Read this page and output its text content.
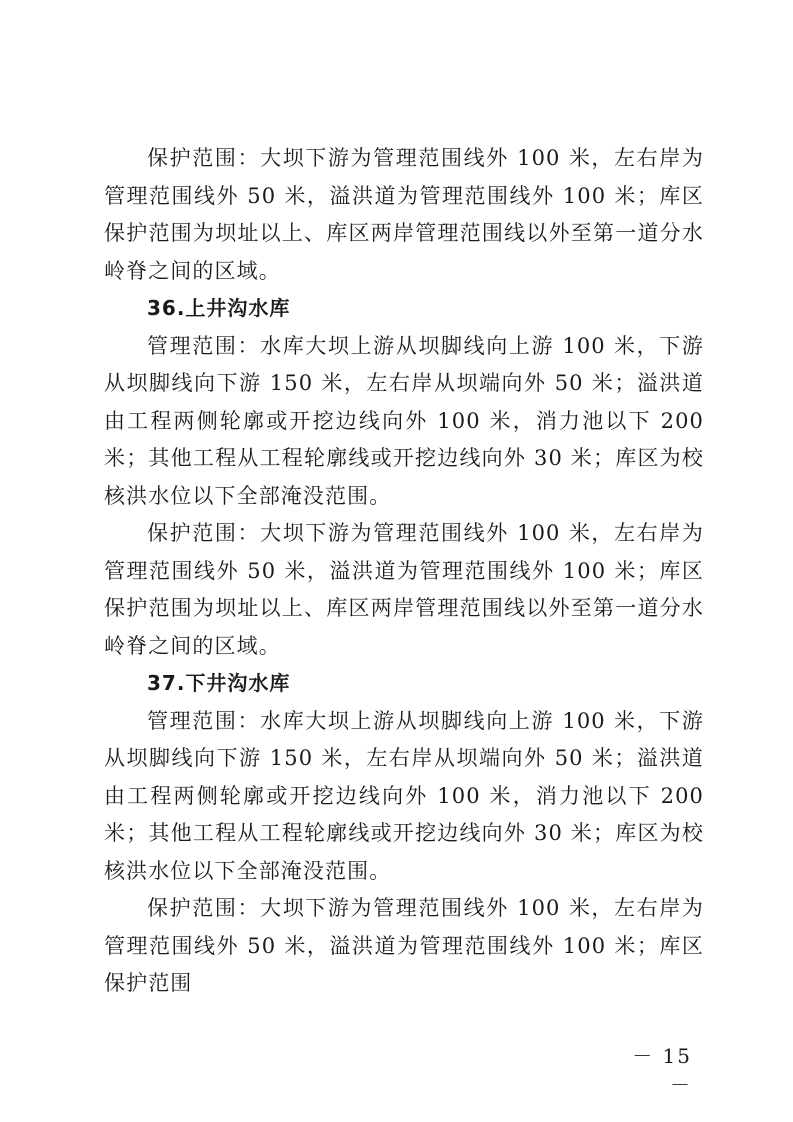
保护范围：大坝下游为管理范围线外 100 米，左右岸为管理范围线外 50 米，溢洪道为管理范围线外 100 米；库区保护范围为坝址以上、库区两岸管理范围线以外至第一道分水岭脊之间的区域。

36.上井沟水库

管理范围：水库大坝上游从坝脚线向上游 100 米，下游从坝脚线向下游 150 米，左右岸从坝端向外 50 米；溢洪道由工程两侧轮廓或开挖边线向外 100 米，消力池以下 200 米；其他工程从工程轮廓线或开挖边线向外 30 米；库区为校核洪水位以下全部淹没范围。

保护范围：大坝下游为管理范围线外 100 米，左右岸为管理范围线外 50 米，溢洪道为管理范围线外 100 米；库区保护范围为坝址以上、库区两岸管理范围线以外至第一道分水岭脊之间的区域。

37.下井沟水库

管理范围：水库大坝上游从坝脚线向上游 100 米，下游从坝脚线向下游 150 米，左右岸从坝端向外 50 米；溢洪道由工程两侧轮廓或开挖边线向外 100 米，消力池以下 200 米；其他工程从工程轮廓线或开挖边线向外 30 米；库区为校核洪水位以下全部淹没范围。

保护范围：大坝下游为管理范围线外 100 米，左右岸为管理范围线外 50 米，溢洪道为管理范围线外 100 米；库区保护范围

－ 15 －
